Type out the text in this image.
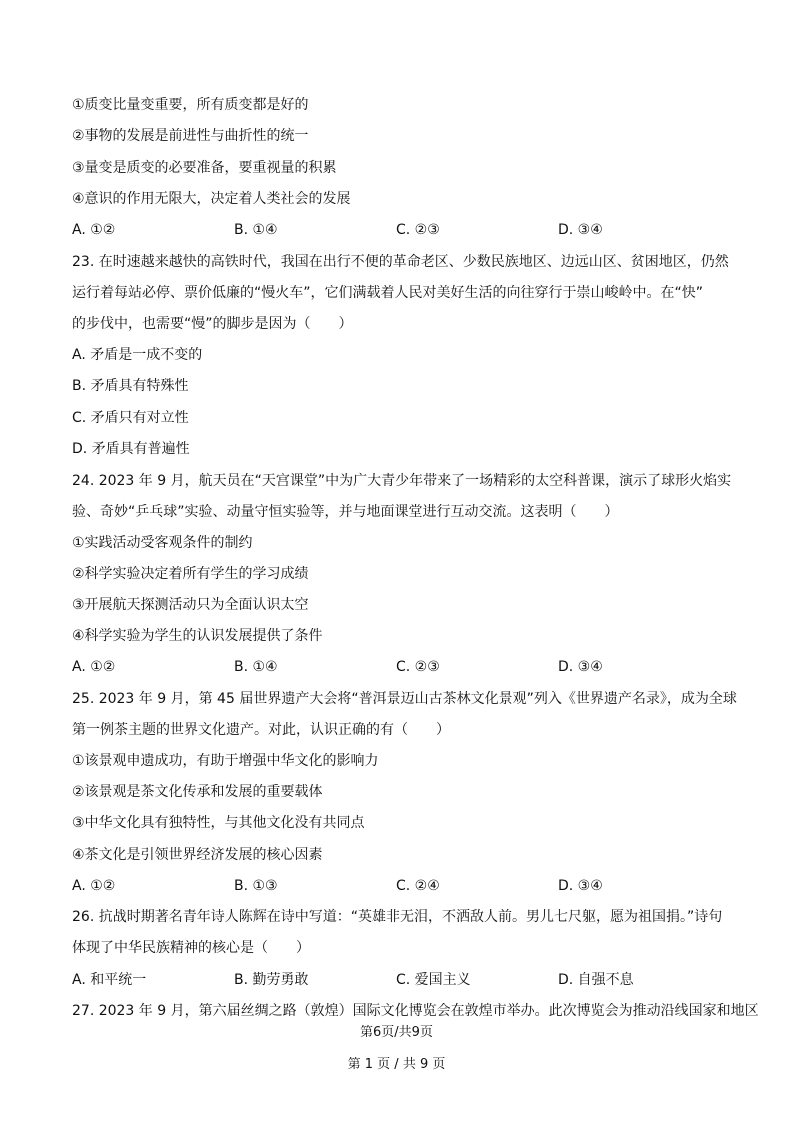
①质变比量变重要，所有质变都是好的
②事物的发展是前进性与曲折性的统一
③量变是质变的必要准备，要重视量的积累
④意识的作用无限大，决定着人类社会的发展
A. ①②	B. ①④	C. ②③	D. ③④
23. 在时速越来越快的高铁时代，我国在出行不便的革命老区、少数民族地区、边远山区、贫困地区，仍然
运行着每站必停、票价低廉的“慢火车”，它们满载着人民对美好生活的向往穿行于崇山峻岭中。在“快”
的步伐中，也需要“慢”的脚步是因为（　　）
A. 矛盾是一成不变的
B. 矛盾具有特殊性
C. 矛盾只有对立性
D. 矛盾具有普遍性
24. 2023 年 9 月，航天员在“天宫课堂”中为广大青少年带来了一场精彩的太空科普课，演示了球形火焰实
验、奇妙“乒乓球”实验、动量守恒实验等，并与地面课堂进行互动交流。这表明（　　）
①实践活动受客观条件的制约
②科学实验决定着所有学生的学习成绩
③开展航天探测活动只为全面认识太空
④科学实验为学生的认识发展提供了条件
A. ①②	B. ①④	C. ②③	D. ③④
25. 2023 年 9 月，第 45 届世界遗产大会将“普洱景迈山古茶林文化景观”列入《世界遗产名录》，成为全球
第一例茶主题的世界文化遗产。对此，认识正确的有（　　）
①该景观申遗成功，有助于增强中华文化的影响力
②该景观是茶文化传承和发展的重要载体
③中华文化具有独特性，与其他文化没有共同点
④茶文化是引领世界经济发展的核心因素
A. ①②	B. ①③	C. ②④	D. ③④
26. 抗战时期著名青年诗人陈辉在诗中写道：“英雄非无泪，不洒敌人前。男儿七尺躯，愿为祖国捐。”诗句
体现了中华民族精神的核心是（　　）
A. 和平统一	B. 勤劳勇敢	C. 爱国主义	D. 自强不息
27. 2023 年 9 月，第六届丝绸之路（敦煌）国际文化博览会在敦煌市举办。此次博览会为推动沿线国家和地区
第6页/共9页
第 1 页 / 共 9 页
